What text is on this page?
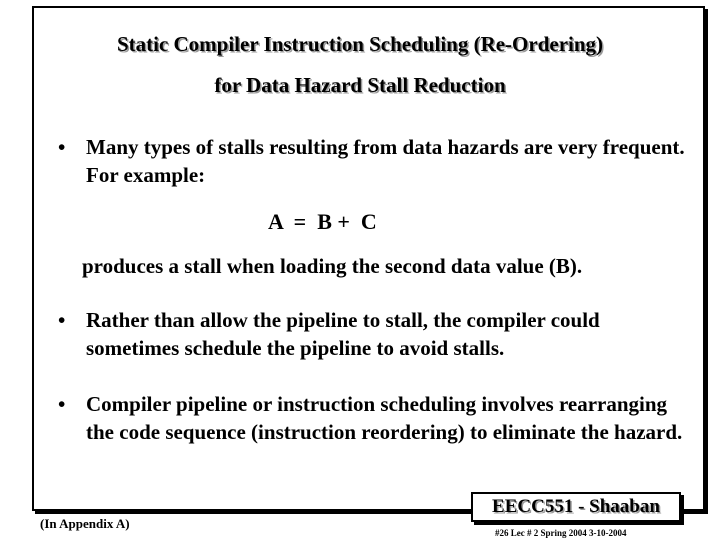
Static Compiler Instruction Scheduling (Re-Ordering)
for Data Hazard Stall Reduction
• Many types of stalls resulting from data hazards are very frequent. For example:
A  =  B +  C
produces a stall when loading the second data value (B).
• Rather than allow the pipeline to stall, the compiler could sometimes schedule the pipeline to avoid stalls.
• Compiler pipeline or instruction scheduling involves rearranging the code sequence (instruction reordering) to eliminate the hazard.
(In Appendix A)
EECC551 - Shaaban
#26 Lec # 2 Spring 2004 3-10-2004
